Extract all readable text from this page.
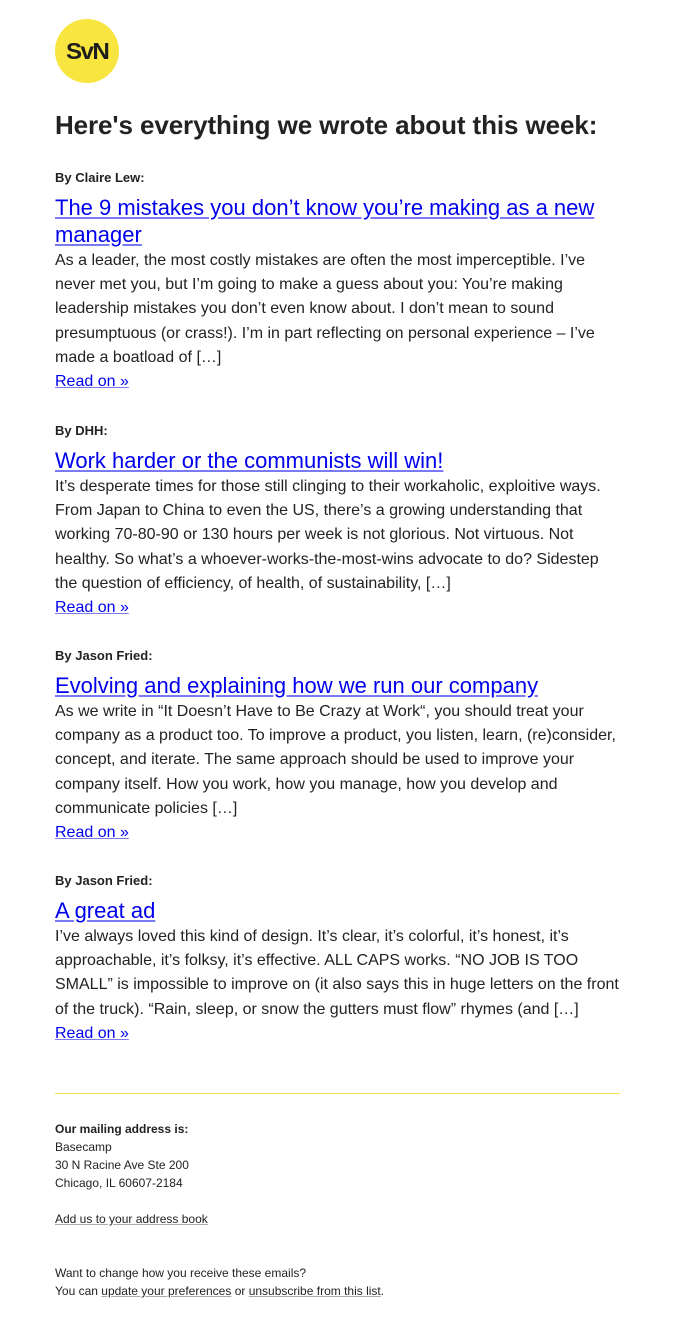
SvN
Here's everything we wrote about this week:

By Claire Lew:

The 9 mistakes you don’t know you’re making as a new manager

As a leader, the most costly mistakes are often the most imperceptible. I’ve never met you, but I’m going to make a guess about you: You’re making leadership mistakes you don’t even know about. I don’t mean to sound presumptuous (or crass!). I’m in part reflecting on personal experience – I’ve made a boatload of […]

Read on »

By DHH:

Work harder or the communists will win!

It’s desperate times for those still clinging to their workaholic, exploitive ways. From Japan to China to even the US, there’s a growing understanding that working 70-80-90 or 130 hours per week is not glorious. Not virtuous. Not healthy. So what’s a whoever-works-the-most-wins advocate to do? Sidestep the question of efficiency, of health, of sustainability, […]

Read on »

By Jason Fried:

Evolving and explaining how we run our company

As we write in “It Doesn’t Have to Be Crazy at Work“, you should treat your company as a product too. To improve a product, you listen, learn, (re)consider, concept, and iterate. The same approach should be used to improve your company itself. How you work, how you manage, how you develop and communicate policies […]

Read on »

By Jason Fried:

A great ad

I’ve always loved this kind of design. It’s clear, it’s colorful, it’s honest, it’s approachable, it’s folksy, it’s effective. ALL CAPS works. “NO JOB IS TOO SMALL” is impossible to improve on (it also says this in huge letters on the front of the truck). “Rain, sleep, or snow the gutters must flow” rhymes (and […]

Read on »
Our mailing address is:
Basecamp
30 N Racine Ave Ste 200
Chicago, IL 60607-2184
Add us to your address book
Want to change how you receive these emails?
You can update your preferences or unsubscribe from this list.
